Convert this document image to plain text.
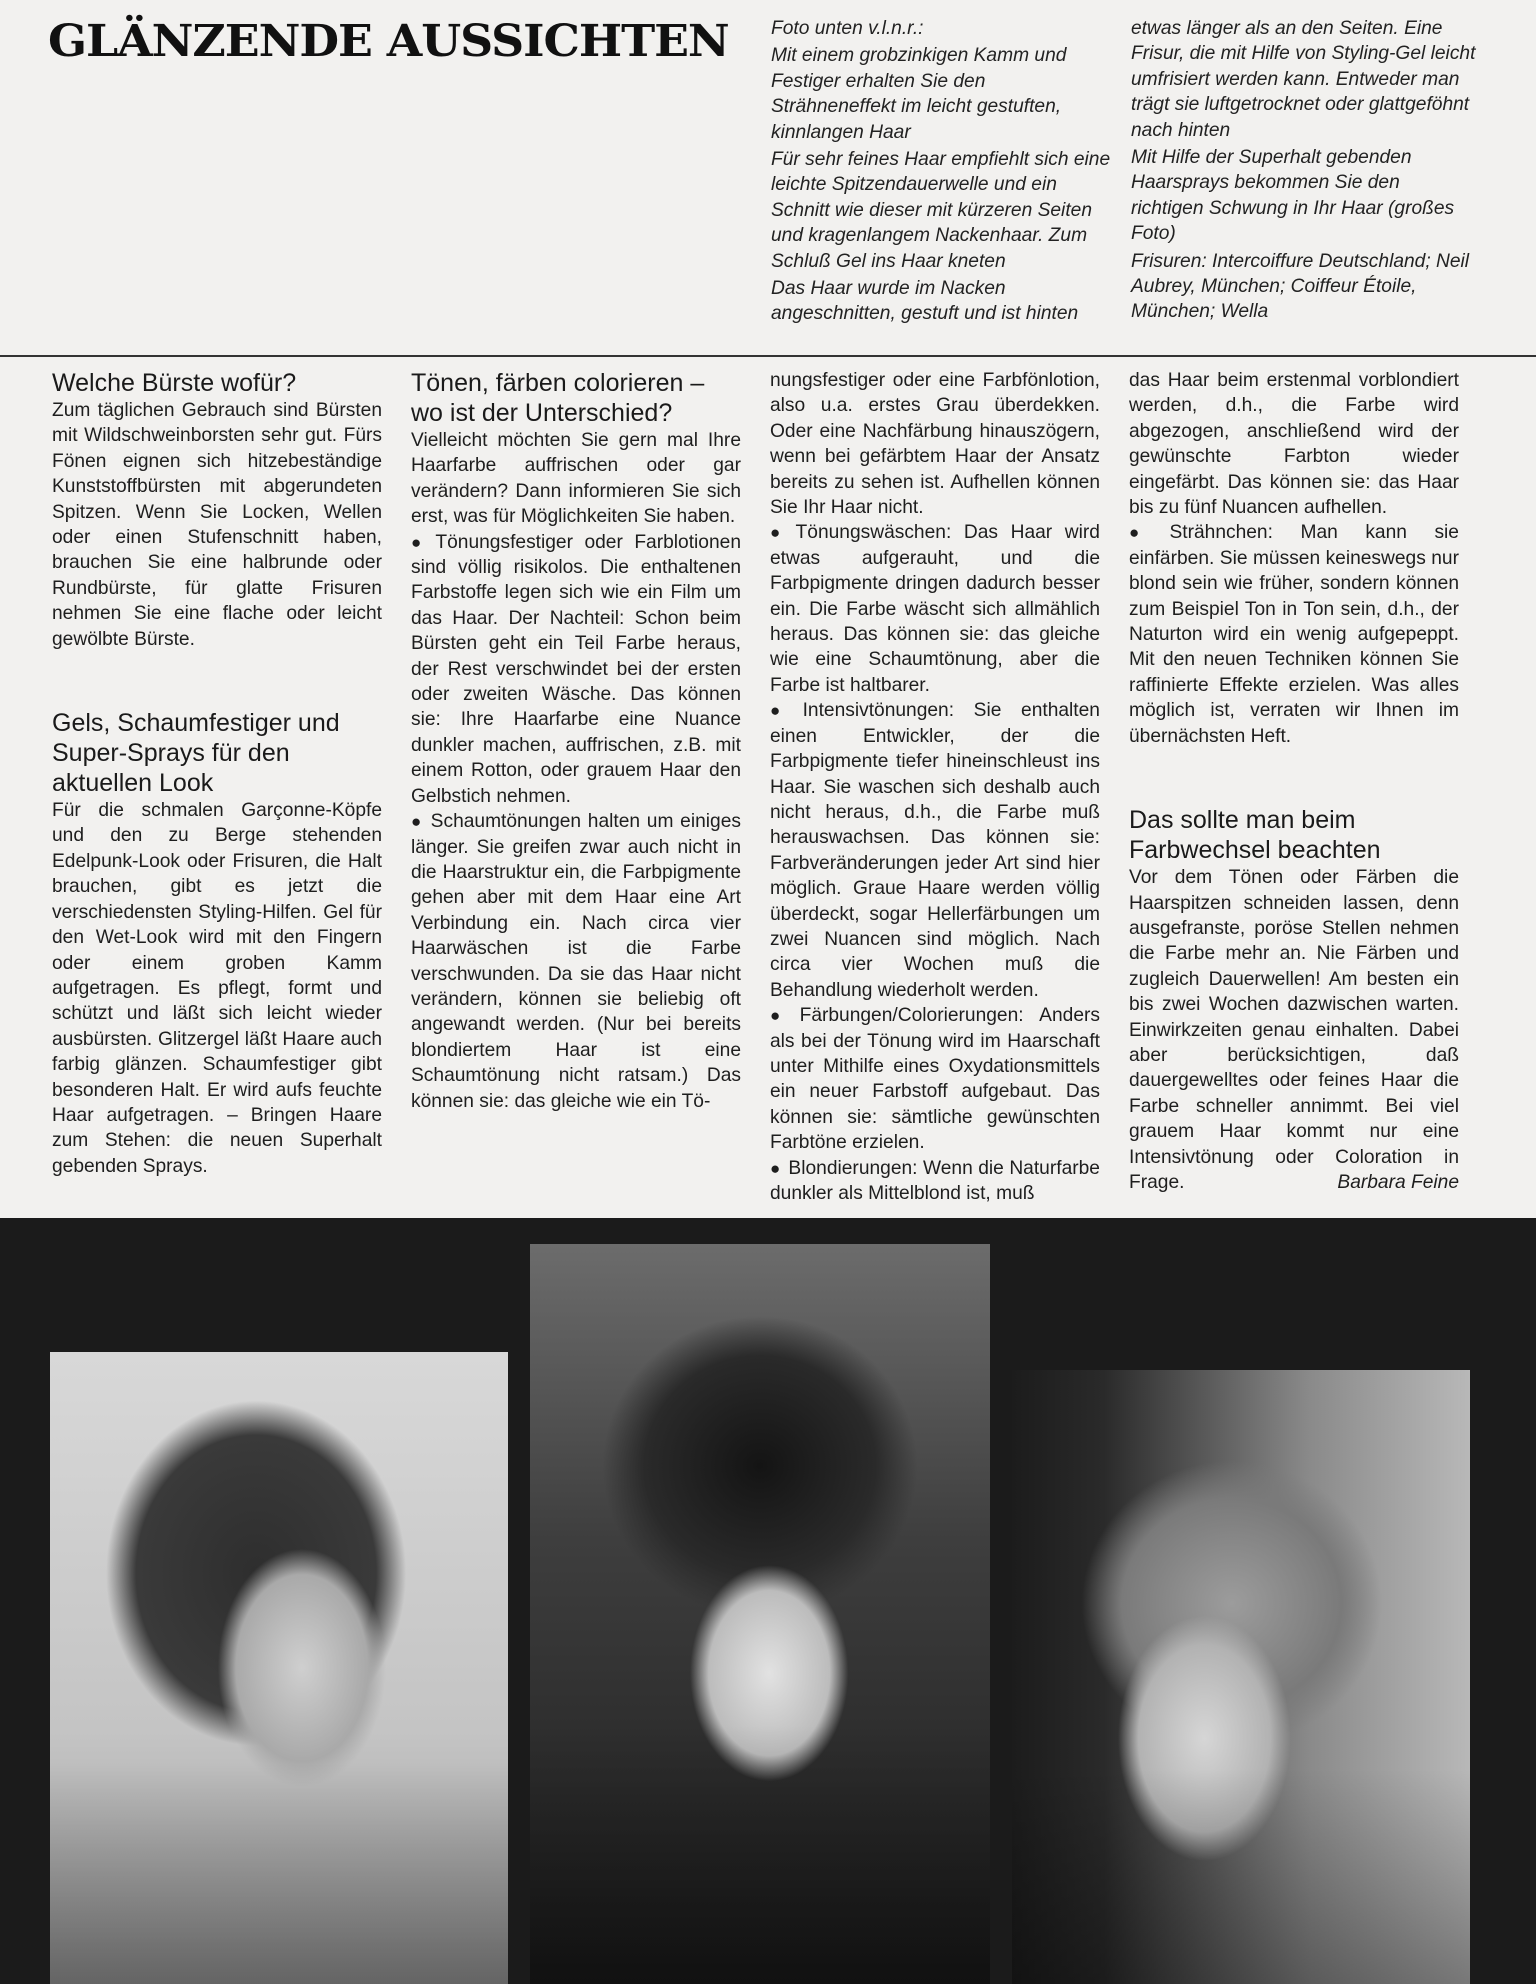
GLÄNZENDE AUSSICHTEN	Foto unten v.l.n.r.:

Mit einem grobzinkigen Kamm und Festiger erhalten Sie den Strähneneffekt im leicht gestuften, kinnlangen Haar

Für sehr feines Haar empfiehlt sich eine leichte Spitzendauerwelle und ein Schnitt wie dieser mit kürzeren Seiten und kragenlangem Nackenhaar. Zum Schluß Gel ins Haar kneten

Das Haar wurde im Nacken angeschnitten, gestuft und ist hinten

etwas länger als an den Seiten. Eine Frisur, die mit Hilfe von Styling-Gel leicht umfrisiert werden kann. Entweder man trägt sie luftgetrocknet oder glattgeföhnt nach hinten

Mit Hilfe der Superhalt gebenden Haarsprays bekommen Sie den richtigen Schwung in Ihr Haar (großes Foto)

Frisuren: Intercoiffure Deutschland; Neil Aubrey, München; Coiffeur Étoile, München; Wella

Welche Bürste wofür?

Zum täglichen Gebrauch sind Bürsten mit Wildschweinborsten sehr gut. Fürs Fönen eignen sich hitzebeständige Kunststoffbürsten mit abgerundeten Spitzen. Wenn Sie Locken, Wellen oder einen Stufenschnitt haben, brauchen Sie eine halbrunde oder Rundbürste, für glatte Frisuren nehmen Sie eine flache oder leicht gewölbte Bürste.

Gels, Schaumfestiger und Super-Sprays für den aktuellen Look

Für die schmalen Garçonne-Köpfe und den zu Berge stehenden Edelpunk-Look oder Frisuren, die Halt brauchen, gibt es jetzt die verschiedensten Styling-Hilfen. Gel für den Wet-Look wird mit den Fingern oder einem groben Kamm aufgetragen. Es pflegt, formt und schützt und läßt sich leicht wieder ausbürsten. Glitzergel läßt Haare auch farbig glänzen. Schaumfestiger gibt besonderen Halt. Er wird aufs feuchte Haar aufgetragen. – Bringen Haare zum Stehen: die neuen Superhalt gebenden Sprays.

Tönen, färben colorieren – wo ist der Unterschied?

Vielleicht möchten Sie gern mal Ihre Haarfarbe auffrischen oder gar verändern? Dann informieren Sie sich erst, was für Möglichkeiten Sie haben.

● Tönungsfestiger oder Farblotionen sind völlig risikolos. Die enthaltenen Farbstoffe legen sich wie ein Film um das Haar. Der Nachteil: Schon beim Bürsten geht ein Teil Farbe heraus, der Rest verschwindet bei der ersten oder zweiten Wäsche. Das können sie: Ihre Haarfarbe eine Nuance dunkler machen, auffrischen, z.B. mit einem Rotton, oder grauem Haar den Gelbstich nehmen.

● Schaumtönungen halten um einiges länger. Sie greifen zwar auch nicht in die Haarstruktur ein, die Farbpigmente gehen aber mit dem Haar eine Art Verbindung ein. Nach circa vier Haarwäschen ist die Farbe verschwunden. Da sie das Haar nicht verändern, können sie beliebig oft angewandt werden. (Nur bei bereits blondiertem Haar ist eine Schaumtönung nicht ratsam.) Das können sie: das gleiche wie ein Tö-

nungsfestiger oder eine Farbfönlotion, also u.a. erstes Grau überdekken. Oder eine Nachfärbung hinauszögern, wenn bei gefärbtem Haar der Ansatz bereits zu sehen ist. Aufhellen können Sie Ihr Haar nicht.

● Tönungswäschen: Das Haar wird etwas aufgerauht, und die Farbpigmente dringen dadurch besser ein. Die Farbe wäscht sich allmählich heraus. Das können sie: das gleiche wie eine Schaumtönung, aber die Farbe ist haltbarer.

● Intensivtönungen: Sie enthalten einen Entwickler, der die Farbpigmente tiefer hineinschleust ins Haar. Sie waschen sich deshalb auch nicht heraus, d.h., die Farbe muß herauswachsen. Das können sie: Farbveränderungen jeder Art sind hier möglich. Graue Haare werden völlig überdeckt, sogar Hellerfärbungen um zwei Nuancen sind möglich. Nach circa vier Wochen muß die Behandlung wiederholt werden.

● Färbungen/Colorierungen: Anders als bei der Tönung wird im Haarschaft unter Mithilfe eines Oxydationsmittels ein neuer Farbstoff aufgebaut. Das können sie: sämtliche gewünschten Farbtöne erzielen.

● Blondierungen: Wenn die Naturfarbe dunkler als Mittelblond ist, muß

das Haar beim erstenmal vorblondiert werden, d.h., die Farbe wird abgezogen, anschließend wird der gewünschte Farbton wieder eingefärbt. Das können sie: das Haar bis zu fünf Nuancen aufhellen.

● Strähnchen: Man kann sie einfärben. Sie müssen keineswegs nur blond sein wie früher, sondern können zum Beispiel Ton in Ton sein, d.h., der Naturton wird ein wenig aufgepeppt. Mit den neuen Techniken können Sie raffinierte Effekte erzielen. Was alles möglich ist, verraten wir Ihnen im übernächsten Heft.

Das sollte man beim Farbwechsel beachten

Vor dem Tönen oder Färben die Haarspitzen schneiden lassen, denn ausgefranste, poröse Stellen nehmen die Farbe mehr an. Nie Färben und zugleich Dauerwellen! Am besten ein bis zwei Wochen dazwischen warten. Einwirkzeiten genau einhalten. Dabei aber berücksichtigen, daß dauergewelltes oder feines Haar die Farbe schneller annimmt. Bei viel grauem Haar kommt nur eine Intensivtönung oder Coloration in Frage.	Barbara Feine
